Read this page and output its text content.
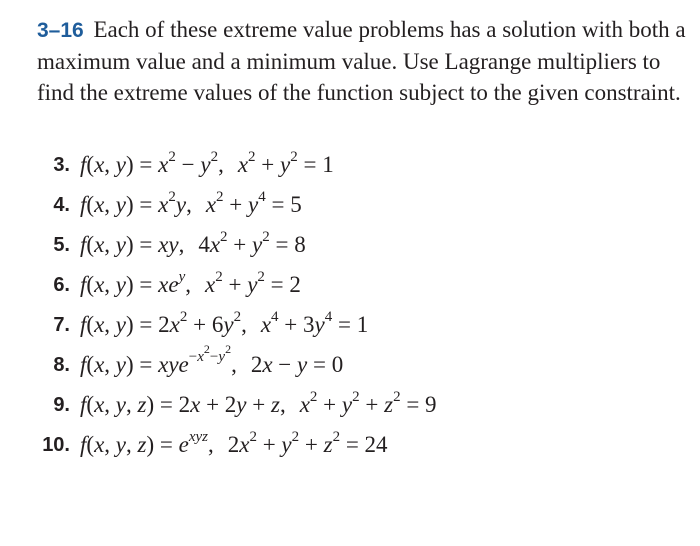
3–16 Each of these extreme value problems has a solution with both a maximum value and a minimum value. Use Lagrange multipliers to find the extreme values of the function subject to the given constraint.
3. f(x, $y) = x^2 - y^2$, $x^2 + y^2 = 1$
4. f(x, $y) = x^2y$, $x^2 + y^4 = 5$
5. f(x, y) = xy, $4x^2 + y^2 = 8$
6. f(x, $y) = xe^y$, $x^2 + y^2 = 2$
7. f(x, $y) = 2x^2 + 6y^2$, $x^4 + 3y^4 = 1$
8. f(x, y) = xye$^{-x^2-y^2}$, 2x − y = 0
9. f(x, y, z) = 2x + 2y + z, $x^2 + y^2 + z^2 = 9$
10. f(x, y, $z) = e^{xyz}$, $2x^2 + y^2 + z^2 = 24$
